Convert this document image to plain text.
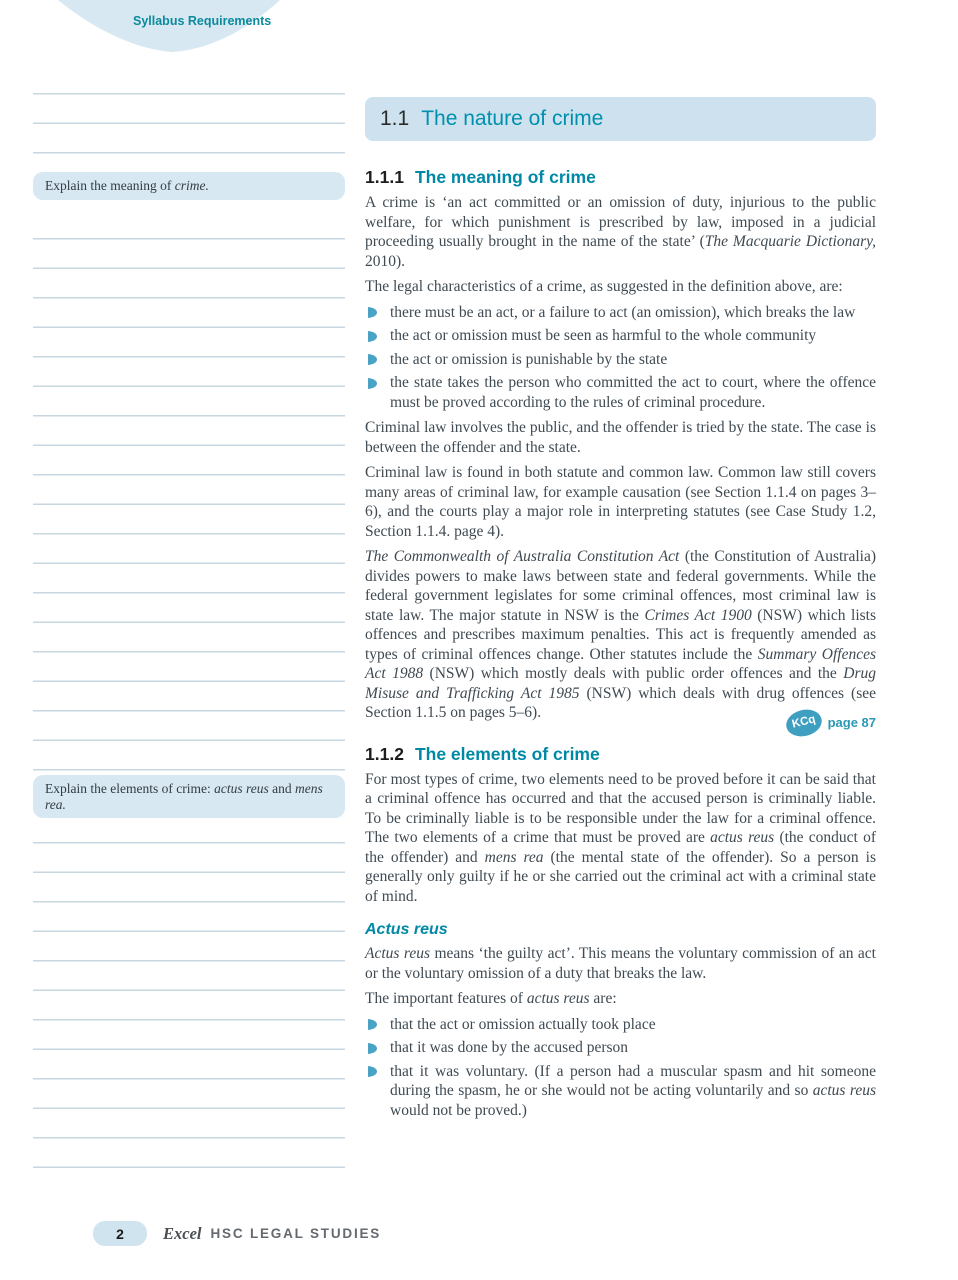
Syllabus Requirements
Explain the meaning of crime.
Explain the elements of crime: actus reus and mens rea.
1.1 The nature of crime
1.1.1 The meaning of crime

A crime is ‘an act committed or an omission of duty, injurious to the public welfare, for which punishment is prescribed by law, imposed in a judicial proceeding usually brought in the name of the state’ (The Macquarie Dictionary, 2010).

The legal characteristics of a crime, as suggested in the definition above, are:

there must be an act, or a failure to act (an omission), which breaks the law
the act or omission must be seen as harmful to the whole community
the act or omission is punishable by the state
the state takes the person who committed the act to court, where the offence must be proved according to the rules of criminal procedure.

Criminal law involves the public, and the offender is tried by the state. The case is between the offender and the state.

Criminal law is found in both statute and common law. Common law still covers many areas of criminal law, for example causation (see Section 1.1.4 on pages 3–6), and the courts play a major role in interpreting statutes (see Case Study 1.2, Section 1.1.4. page 4).

The Commonwealth of Australia Constitution Act (the Constitution of Australia) divides powers to make laws between state and federal governments. While the federal government legislates for some criminal offences, most criminal law is state law. The major statute in NSW is the Crimes Act 1900 (NSW) which lists offences and prescribes maximum penalties. This act is frequently amended as types of criminal offences change. Other statutes include the Summary Offences Act 1988 (NSW) which mostly deals with public order offences and the Drug Misuse and Trafficking Act 1985 (NSW) which deals with drug offences (see Section 1.1.5 on pages 5–6).
KCq page 87

1.1.2 The elements of crime

For most types of crime, two elements need to be proved before it can be said that a criminal offence has occurred and that the accused person is criminally liable. To be criminally liable is to be responsible under the law for a criminal offence. The two elements of a crime that must be proved are actus reus (the conduct of the offender) and mens rea (the mental state of the offender). So a person is generally only guilty if he or she carried out the criminal act with a criminal state of mind.

Actus reus

Actus reus means ‘the guilty act’. This means the voluntary commission of an act or the voluntary omission of a duty that breaks the law.

The important features of actus reus are:

that the act or omission actually took place
that it was done by the accused person
that it was voluntary. (If a person had a muscular spasm and hit someone during the spasm, he or she would not be acting voluntarily and so actus reus would not be proved.)
2 Excel HSC LEGAL STUDIES
